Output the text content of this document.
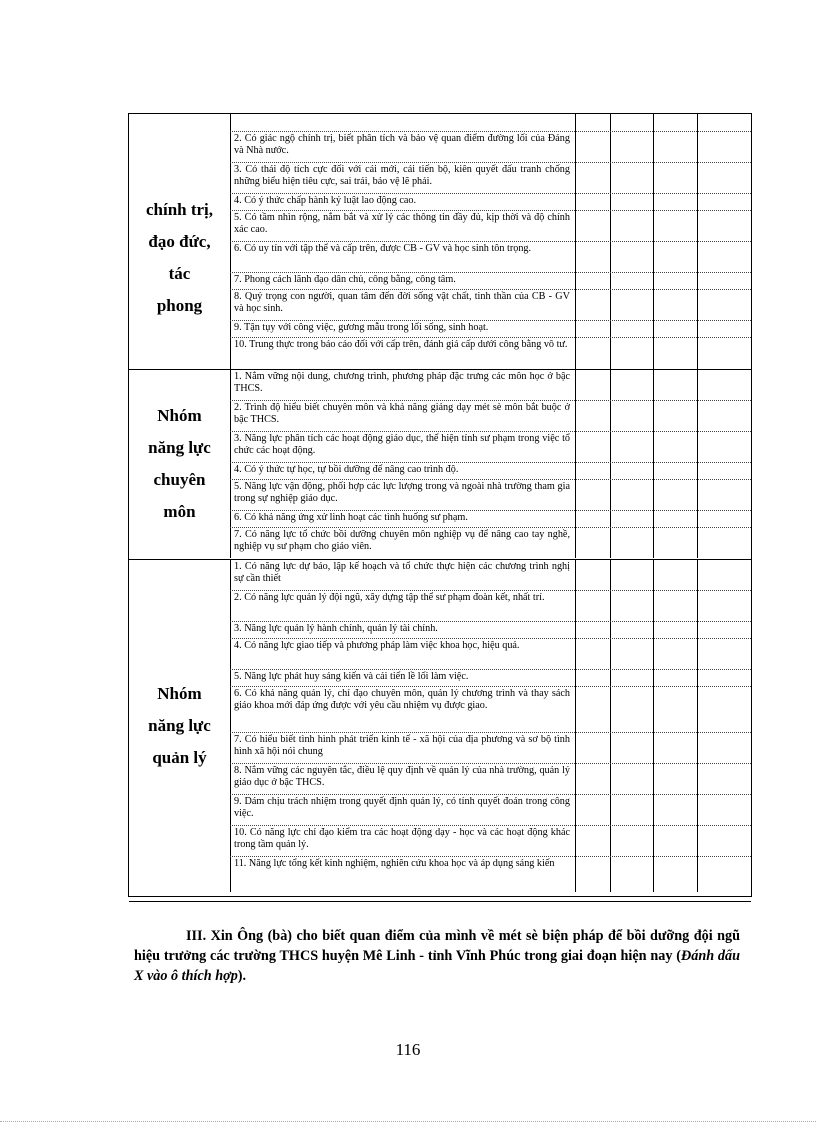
chính trị,
đạo đức,
tác
phong
2. Có giác ngộ chính trị, biết phân tích và bảo vệ quan điểm đường lối của Đảng và Nhà nước.
3. Có thái độ tích cực đối với cái mới, cái tiến bộ, kiên quyết đấu tranh chống những biểu hiện tiêu cực, sai trái, bảo vệ lẽ phải.
4. Có ý thức chấp hành kỷ luật lao động cao.
5. Có tầm nhìn rộng, nắm bắt và xử lý các thông tin đầy đủ, kịp thời và độ chính xác cao.
6. Có uy tín với tập thể và cấp trên, được CB - GV và học sinh tôn trọng.
7. Phong cách lãnh đạo dân chủ, công bằng, công tâm.
8. Quý trọng con người, quan tâm đến đời sống vật chất, tinh thần của CB - GV và học sinh.
9. Tận tụy với công việc, gương mẫu trong lối sống, sinh hoạt.
10. Trung thực trong báo cáo đối với cấp trên, đánh giá cấp dưới công bằng vô tư.
Nhóm
năng lực
chuyên
môn
1. Nắm vững nội dung, chương trình, phương pháp đặc trưng các môn học ở bậc THCS.
2. Trình độ hiểu biết chuyên môn và khả năng giảng dạy mét sè môn bắt buộc ở bậc THCS.
3. Năng lực phân tích các hoạt động giáo dục, thể hiện tính sư phạm trong việc tổ chức các hoạt động.
4. Có ý thức tự học, tự bồi dưỡng để nâng cao trình độ.
5. Năng lực vận động, phối hợp các lực lượng trong và ngoài nhà trường tham gia trong sự nghiệp giáo dục.
6. Có khả năng ứng xử linh hoạt các tình huống sư phạm.
7. Có năng lực tổ chức bồi dưỡng chuyên môn nghiệp vụ để nâng cao tay nghề, nghiệp vụ sư phạm cho giáo viên.
Nhóm
năng lực
quản lý
1. Có năng lực dự báo, lập kế hoạch và tổ chức thực hiện các chương trình nghị sự cần thiết
2. Có năng lực quản lý đội ngũ, xây dựng tập thể sư phạm đoàn kết, nhất trí.
3. Năng lực quản lý hành chính, quản lý tài chính.
4. Có năng lực giao tiếp và phương pháp làm việc khoa học, hiệu quả.
5. Năng lực phát huy sáng kiến và cải tiến lề lối làm việc.
6. Có khả năng quản lý, chỉ đạo chuyên môn, quản lý chương trình và thay sách giáo khoa mới đáp ứng được với yêu cầu nhiệm vụ được giao.
7. Có hiểu biết tình hình phát triển kinh tế - xã hội của địa phương và sơ bộ tình hình xã hội nói chung
8. Nắm vững các nguyên tắc, điều lệ quy định về quản lý của nhà trường, quản lý giáo dục ở bậc THCS.
9. Dám chịu trách nhiệm trong quyết định quản lý, có tính quyết đoán trong công việc.
10. Có năng lực chỉ đạo kiểm tra các hoạt động dạy - học và các hoạt động khác trong tầm quản lý.
11. Năng lực tổng kết kinh nghiệm, nghiên cứu khoa học và áp dụng sáng kiến
III. Xin Ông (bà) cho biết quan điểm của mình về mét sè biện pháp để bồi dưỡng đội ngũ hiệu trưởng các trường THCS huyện Mê Linh - tỉnh Vĩnh Phúc trong giai đoạn hiện nay (Đánh dấu X vào ô thích hợp).
116
